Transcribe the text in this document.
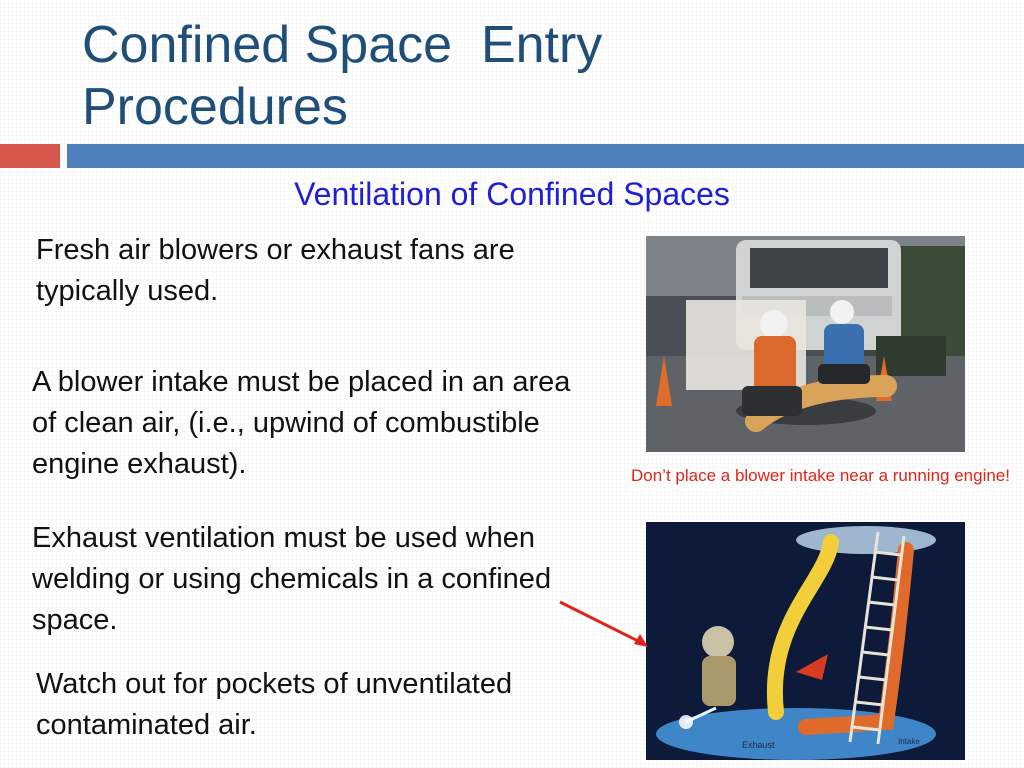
Confined Space  Entry
Procedures

Ventilation of Confined Spaces

Fresh air blowers or exhaust fans are typically used.

A blower intake must be placed in an area of clean air, (i.e., upwind of combustible engine exhaust).

Exhaust ventilation must be used when welding or using chemicals in a confined space.

Watch out for pockets of unventilated contaminated air.

Don’t place a blower intake near a running engine!

Exhaust	Intake
